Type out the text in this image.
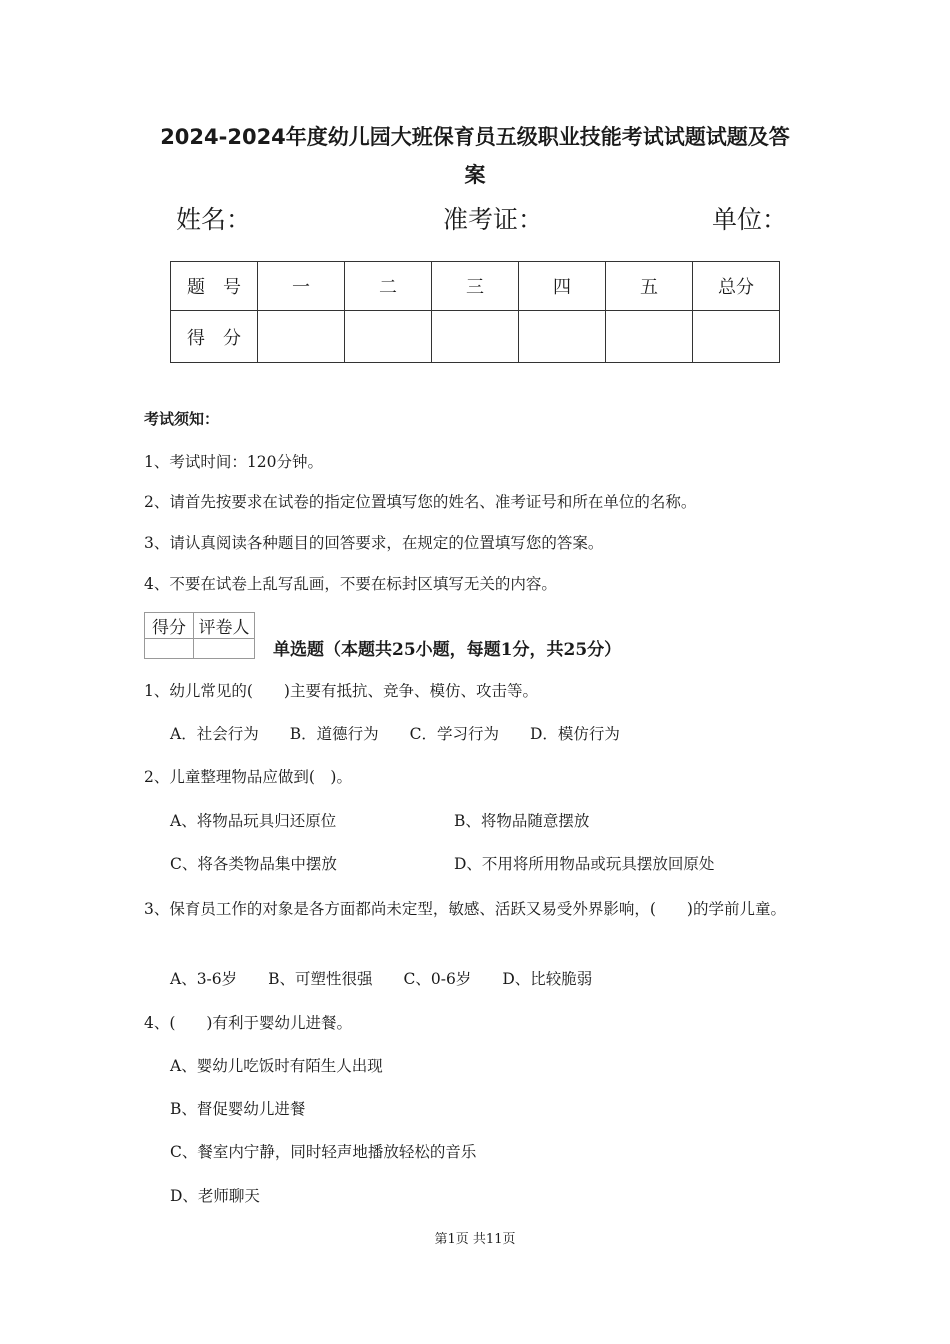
2024-2024年度幼儿园大班保育员五级职业技能考试试题试题及答
案
姓名：	准考证：	单位：
题　号	一	二	三	四	五	总分
得　分						
考试须知：
1、考试时间：120分钟。
2、请首先按要求在试卷的指定位置填写您的姓名、准考证号和所在单位的名称。
3、请认真阅读各种题目的回答要求，在规定的位置填写您的答案。
4、不要在试卷上乱写乱画，不要在标封区填写无关的内容。
得分	评卷人

单选题（本题共25小题，每题1分，共25分）
1、幼儿常见的(　　)主要有抵抗、竞争、模仿、攻击等。
A．社会行为　　B．道德行为　　C．学习行为　　D．模仿行为
2、儿童整理物品应做到(　)。
A、将物品玩具归还原位	B、将物品随意摆放
C、将各类物品集中摆放	D、不用将所用物品或玩具摆放回原处
3、保育员工作的对象是各方面都尚未定型，敏感、活跃又易受外界影响，(　　)的学前儿童。
A、3-6岁　　B、可塑性很强　　C、0-6岁　　D、比较脆弱
4、(　　)有利于婴幼儿进餐。
A、婴幼儿吃饭时有陌生人出现
B、督促婴幼儿进餐
C、餐室内宁静，同时轻声地播放轻松的音乐
D、老师聊天
第1页 共11页
